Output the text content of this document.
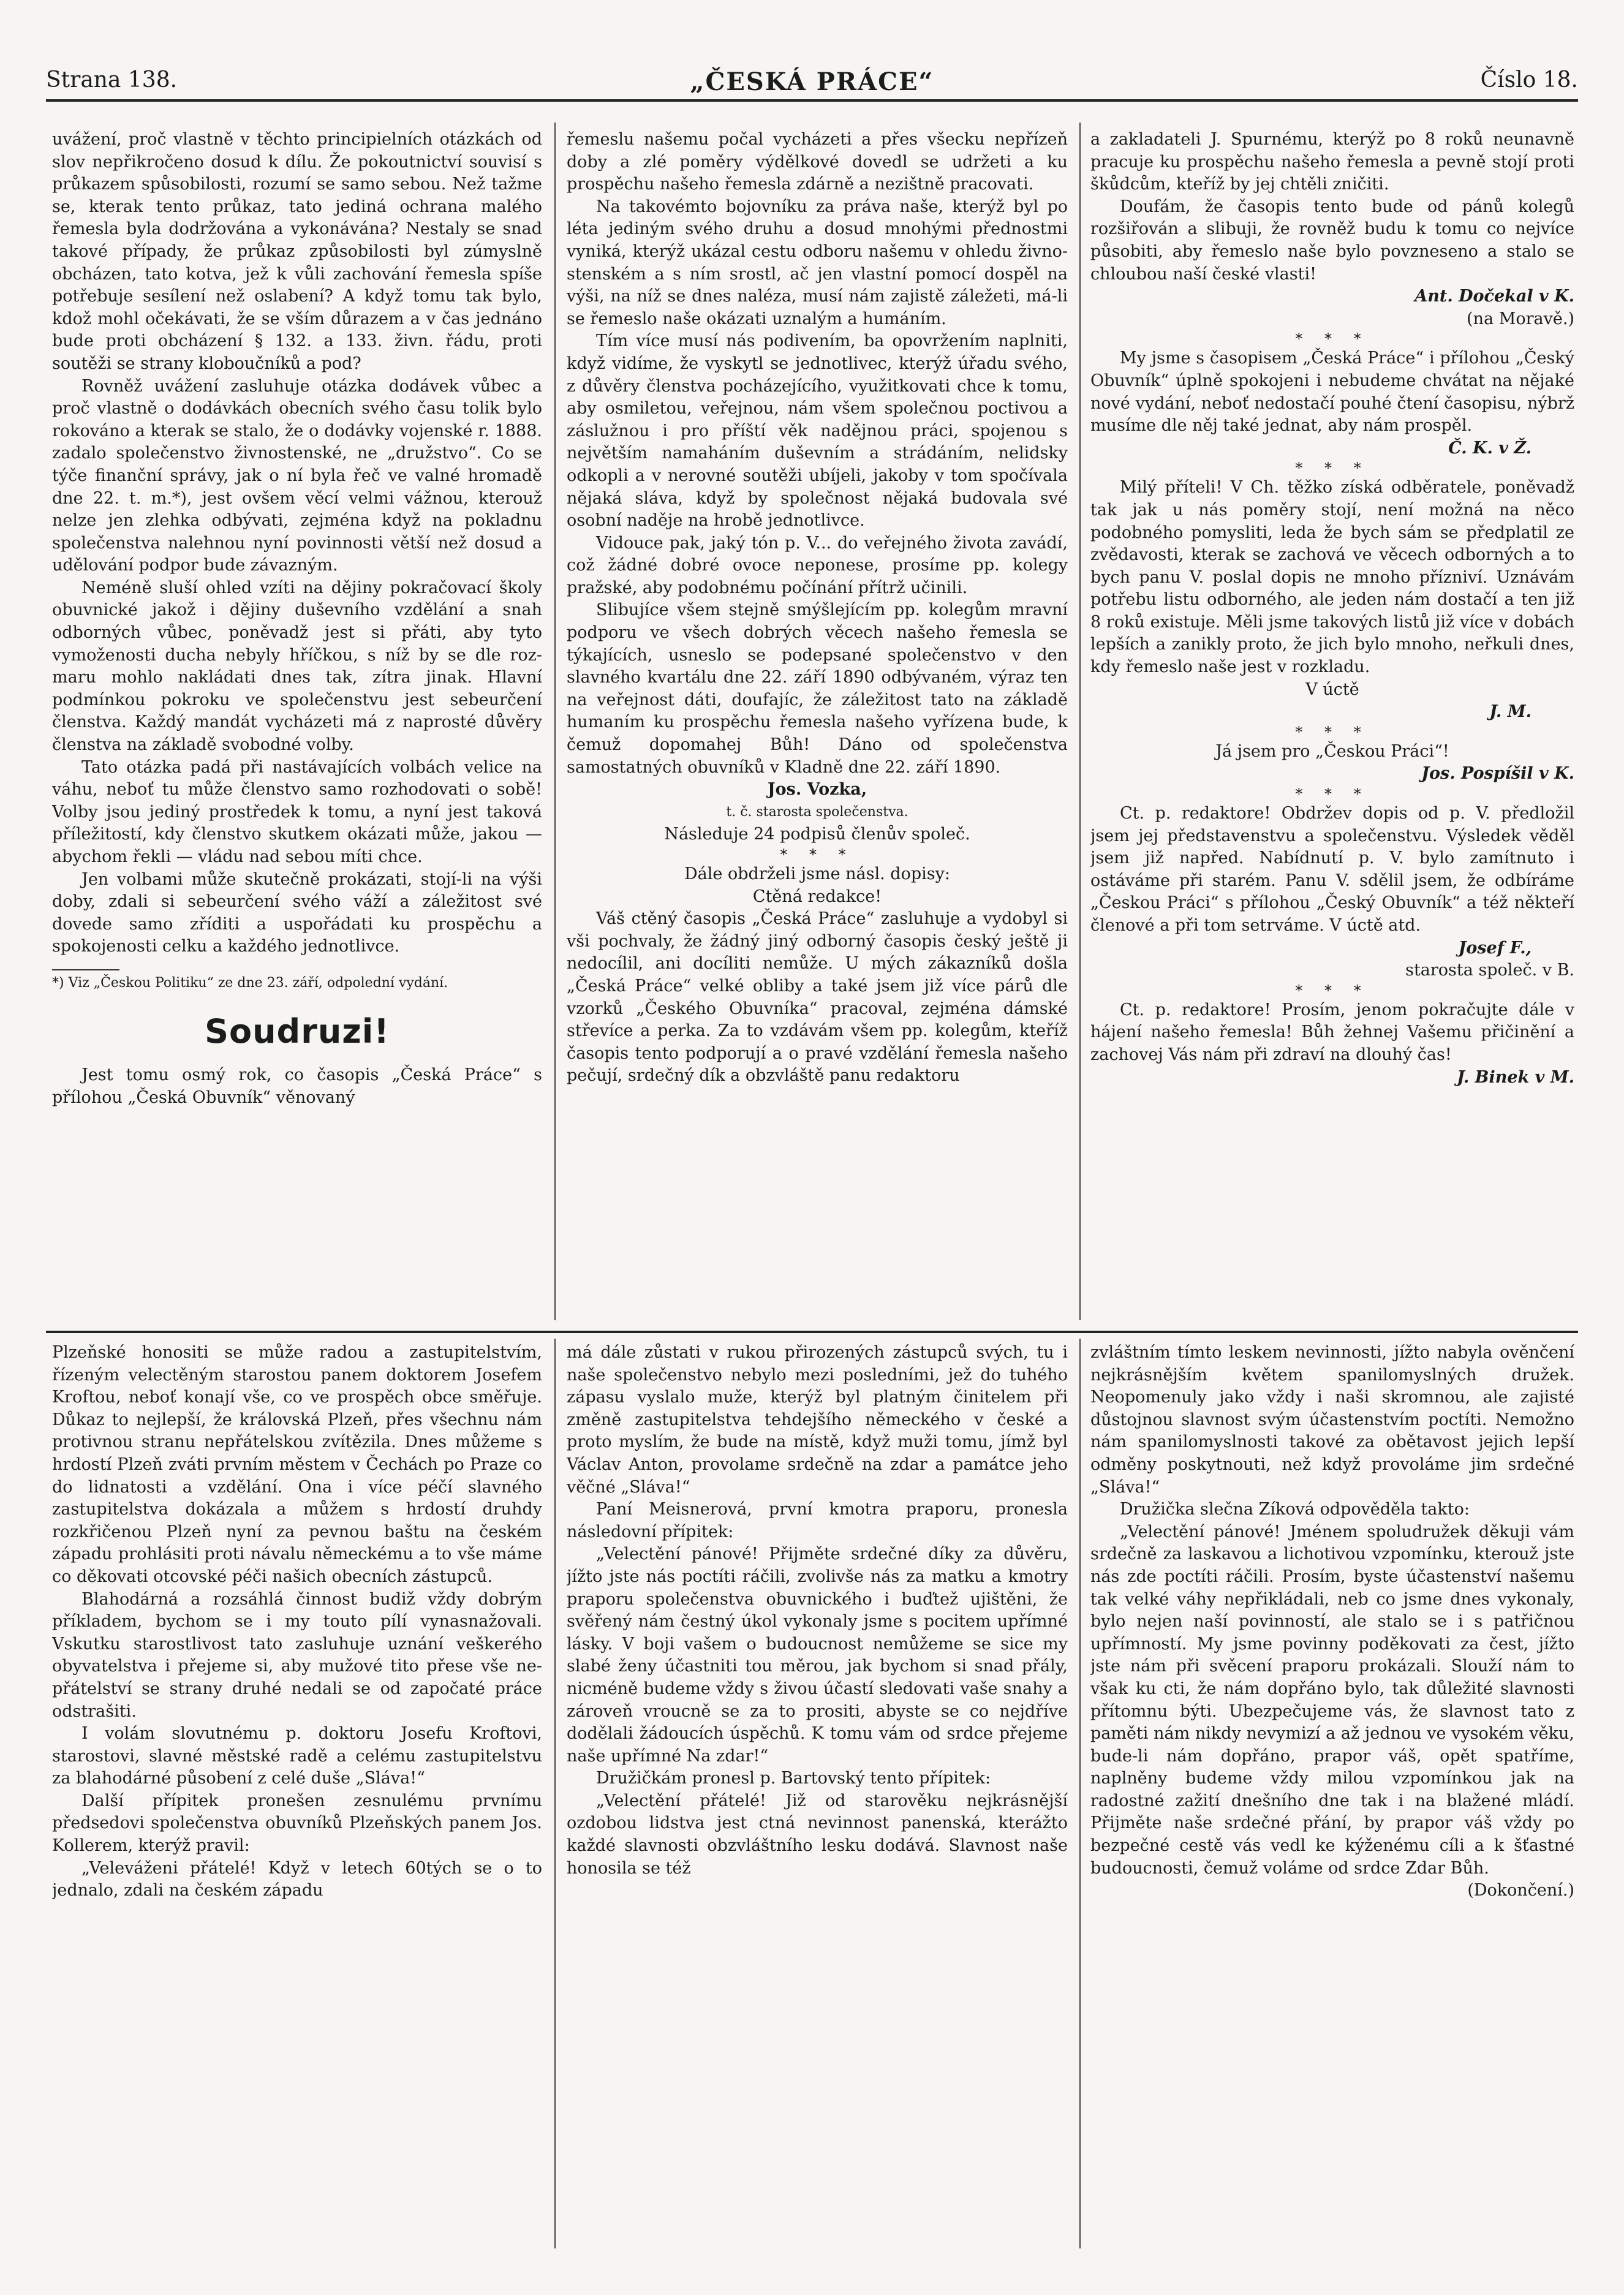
Strana 138.	„ČESKÁ PRÁCE“	Číslo 18.

uvážení, proč vlastně v těchto principielních otázkách od slov nepřikročeno dosud k dílu. Že pokoutnictví souvisí s průkazem spůsobilosti, rozumí se samo sebou. Než tažme se, kterak tento průkaz, tato jediná ochrana malého řemesla byla dodržována a vykonávána? Nestaly se snad takové případy, že průkaz způsobilosti byl zúmyslně obcházen, tato kotva, jež k vůli zachování řemesla spíše potřebuje sesílení než oslabení? A když tomu tak bylo, kdož mohl očekávati, že se vším důrazem a v čas jednáno bude proti obcházení § 132. a 133. živn. řádu, proti soutěži se strany kloboučníků a pod?

Rovněž uvážení zasluhuje otázka dodávek vůbec a proč vlastně o dodávkách obecních svého času tolik bylo rokováno a kterak se stalo, že o dodávky vojenské r. 1888. zadalo společenstvo živnostenské, ne „družstvo“. Co se týče finanční správy, jak o ní byla řeč ve valné hromadě dne 22. t. m.*), jest ovšem věcí velmi vážnou, kterouž nelze jen zlehka odbývati, zejména když na pokladnu společenstva nalehnou nyní povinnosti větší než dosud a udělování podpor bude závazným.

Neméně sluší ohled vzíti na dějiny pokračovací školy obuvnické jakož i dějiny duševního vzdělání a snah odborných vůbec, poněvadž jest si přáti, aby tyto vymoženosti ducha nebyly hříčkou, s níž by se dle rozmaru mohlo nakládati dnes tak, zítra jinak. Hlavní podmínkou pokroku ve společenstvu jest sebeurčení členstva. Každý mandát vycházeti má z naprosté důvěry členstva na základě svobodné volby.

Tato otázka padá při nastávajících volbách velice na váhu, neboť tu může členstvo samo rozhodovati o sobě! Volby jsou jediný prostředek k tomu, a nyní jest taková příležitostí, kdy členstvo skutkem okázati může, jakou — abychom řekli — vládu nad sebou míti chce.

Jen volbami může skutečně prokázati, stojí-li na výši doby, zdali si sebeurčení svého váží a záležitost své dovede samo zříditi a uspořádati ku prospěchu a spokojenosti celku a každého jednotlivce.

*) Viz „Českou Politiku“ ze dne 23. září, odpolední vydání.
Soudruzi!

Jest tomu osmý rok, co časopis „Česká Práce“ s přílohou „Česká Obuvník“ věnovaný

řemeslu našemu počal vycházeti a přes všecku nepřízeň doby a zlé poměry výdělkové dovedl se udržeti a ku prospěchu našeho řemesla zdárně a nezištně pracovati.

Na takovémto bojovníku za práva naše, kterýž byl po léta jediným svého druhu a dosud mnohými přednostmi vyniká, kterýž ukázal cestu odboru našemu v ohledu živnostenském a s ním srostl, ač jen vlastní pomocí dospěl na výši, na níž se dnes naléza, musí nám zajistě záležeti, má-li se řemeslo naše okázati uznalým a humáním.

Tím více musí nás podivením, ba opovržením naplniti, když vidíme, že vyskytl se jednotlivec, kterýž úřadu svého, z důvěry členstva pocházejícího, využitkovati chce k tomu, aby osmiletou, veřejnou, nám všem společnou poctivou a záslužnou i pro příští věk nadějnou práci, spojenou s největším namaháním duševním a strádáním, nelidsky odkopli a v nerovné soutěži ubíjeli, jakoby v tom spočívala nějaká sláva, když by společnost nějaká budovala své osobní naděje na hrobě jednotlivce.

Vidouce pak, jaký tón p. V... do veřejného života zavádí, což žádné dobré ovoce neponese, prosíme pp. kolegy pražské, aby podobnému počínání přítrž učinili.

Slibujíce všem stejně smýšlejícím pp. kolegům mravní podporu ve všech dobrých věcech našeho řemesla se týkajících, usneslo se podepsané společenstvo v den slavného kvartálu dne 22. září 1890 odbývaném, výraz ten na veřejnost dáti, doufajíc, že záležitost tato na základě humaním ku prospěchu řemesla našeho vyřízena bude, k čemuž dopomahej Bůh! Dáno od společenstva samostatných obuvníků v Kladně dne 22. září 1890.

Jos. Vozka,
t. č. starosta společenstva.
Následuje 24 podpisů členův společ.
* * *
Dále obdrželi jsme násl. dopisy:
Ctěná redakce!

Váš ctěný časopis „Česká Práce“ zasluhuje a vydobyl si vši pochvaly, že žádný jiný odborný časopis český ještě ji nedocílil, ani docíliti nemůže. U mých zákazníků došla „Česká Práce“ velké obliby a také jsem již více párů dle vzorků „Českého Obuvníka“ pracoval, zejména dámské střevíce a perka. Za to vzdávám všem pp. kolegům, kteříž časopis tento podporují a o pravé vzdělání řemesla našeho pečují, srdečný dík a obzvláště panu redaktoru

a zakladateli J. Spurnému, kterýž po 8 roků neunavně pracuje ku prospěchu našeho řemesla a pevně stojí proti škůdcům, kteříž by jej chtěli zničiti.

Doufám, že časopis tento bude od pánů kolegů rozšiřován a slibuji, že rovněž budu k tomu co nejvíce působiti, aby řemeslo naše bylo povzneseno a stalo se chloubou naší české vlasti!

Ant. Dočekal v K.
(na Moravě.)
* * *

My jsme s časopisem „Česká Práce“ i přílohou „Český Obuvník“ úplně spokojeni i nebudeme chvátat na nějaké nové vydání, neboť nedostačí pouhé čtení časopisu, nýbrž musíme dle něj také jednat, aby nám prospěl.

Č. K. v Ž.
* * *

Milý příteli! V Ch. těžko získá odběratele, poněvadž tak jak u nás poměry stojí, není možná na něco podobného pomysliti, leda že bych sám se předplatil ze zvědavosti, kterak se zachová ve věcech odborných a to bych panu V. poslal dopis ne mnoho přízniví. Uznávám potřebu listu odborného, ale jeden nám dostačí a ten již 8 roků existuje. Měli jsme takových listů již více v dobách lepších a zanikly proto, že jich bylo mnoho, neřkuli dnes, kdy řemeslo naše jest v rozkladu.

V úctě
J. M.
* * *
Já jsem pro „Českou Práci“!
Jos. Pospíšil v K.
* * *

Ct. p. redaktore! Obdržev dopis od p. V. předložil jsem jej představenstvu a společenstvu. Výsledek věděl jsem již napřed. Nabídnutí p. V. bylo zamítnuto i ostáváme při starém. Panu V. sdělil jsem, že odbíráme „Českou Práci“ s přílohou „Český Obuvník“ a též někteří členové a při tom setrváme. V úctě atd.

Josef F.,
starosta společ. v B.
* * *

Ct. p. redaktore! Prosím, jenom pokračujte dále v hájení našeho řemesla! Bůh žehnej Vašemu přičinění a zachovej Vás nám při zdraví na dlouhý čas!

J. Binek v M.

Plzeňské honositi se může radou a zastupitelstvím, řízeným velectěným starostou panem doktorem Josefem Kroftou, neboť konají vše, co ve prospěch obce směřuje. Důkaz to nejlepší, že královská Plzeň, přes všechnu nám protivnou stranu nepřátelskou zvítězila. Dnes můžeme s hrdostí Plzeň zváti prvním městem v Čechách po Praze co do lidnatosti a vzdělání. Ona i více péčí slavného zastupitelstva dokázala a můžem s hrdostí druhdy rozkřičenou Plzeň nyní za pevnou baštu na českém západu prohlásiti proti návalu německému a to vše máme co děkovati otcovské péči našich obecních zástupců.

Blahodárná a rozsáhlá činnost budiž vždy dobrým příkladem, bychom se i my touto pílí vynasnažovali. Vskutku starostlivost tato zasluhuje uznání veškerého obyvatelstva i přejeme si, aby mužové tito přese vše nepřátelství se strany druhé nedali se od započaté práce odstrašiti.

I volám slovutnému p. doktoru Josefu Kroftovi, starostovi, slavné městské radě a celému zastupitelstvu za blahodárné působení z celé duše „Sláva!“

Další přípitek pronešen zesnulému prvnímu předsedovi společenstva obuvníků Plzeňských panem Jos. Kollerem, kterýž pravil:

„Veleváženi přátelé! Když v letech 60tých se o to jednalo, zdali na českém západu

má dále zůstati v rukou přirozených zástupců svých, tu i naše společenstvo nebylo mezi posledními, jež do tuhého zápasu vyslalo muže, kterýž byl platným činitelem při změně zastupitelstva tehdejšího německého v české a proto myslím, že bude na místě, když muži tomu, jímž byl Václav Anton, provolame srdečně na zdar a památce jeho věčné „Sláva!“

Paní Meisnerová, první kmotra praporu, pronesla následovní přípitek:

„Velectění pánové! Přijměte srdečné díky za důvěru, jížto jste nás poctíti ráčili, zvolivše nás za matku a kmotry praporu společenstva obuvnického i buďtež ujištěni, že svěřený nám čestný úkol vykonaly jsme s pocitem upřímné lásky. V boji vašem o budoucnost nemůžeme se sice my slabé ženy účastniti tou měrou, jak bychom si snad přály, nicméně budeme vždy s živou účastí sledovati vaše snahy a zároveň vroucně se za to prositi, abyste se co nejdříve dodělali žádoucích úspěchů. K tomu vám od srdce přejeme naše upřímné Na zdar!“

Družičkám pronesl p. Bartovský tento přípitek:

„Velectění přátelé! Již od starověku nejkrásnější ozdobou lidstva jest ctná nevinnost panenská, kterážto každé slavnosti obzvláštního lesku dodává. Slavnost naše honosila se též

zvláštním tímto leskem nevinnosti, jížto nabyla ověnčení nejkrásnějším květem spanilomyslných družek. Neopomenuly jako vždy i naši skromnou, ale zajisté důstojnou slavnost svým účastenstvím poctíti. Nemožno nám spanilomyslnosti takové za obětavost jejich lepší odměny poskytnouti, než když provoláme jim srdečné „Sláva!“

Družička slečna Zíková odpověděla takto:

„Velectění pánové! Jménem spoludružek děkuji vám srdečně za laskavou a lichotivou vzpomínku, kterouž jste nás zde poctíti ráčili. Prosím, byste účastenství našemu tak velké váhy nepřikládali, neb co jsme dnes vykonaly, bylo nejen naší povinností, ale stalo se i s patřičnou upřímností. My jsme povinny poděkovati za čest, jížto jste nám při svěcení praporu prokázali. Slouží nám to však ku cti, že nám dopřáno bylo, tak důležité slavnosti přítomnu býti. Ubezpečujeme vás, že slavnost tato z paměti nám nikdy nevymizí a až jednou ve vysokém věku, bude-li nám dopřáno, prapor váš, opět spatříme, naplněny budeme vždy milou vzpomínkou jak na radostné zažití dnešního dne tak i na blažené mládí. Přijměte naše srdečné přání, by prapor váš vždy po bezpečné cestě vás vedl ke kýženému cíli a k šťastné budoucnosti, čemuž voláme od srdce Zdar Bůh.

(Dokončení.)
